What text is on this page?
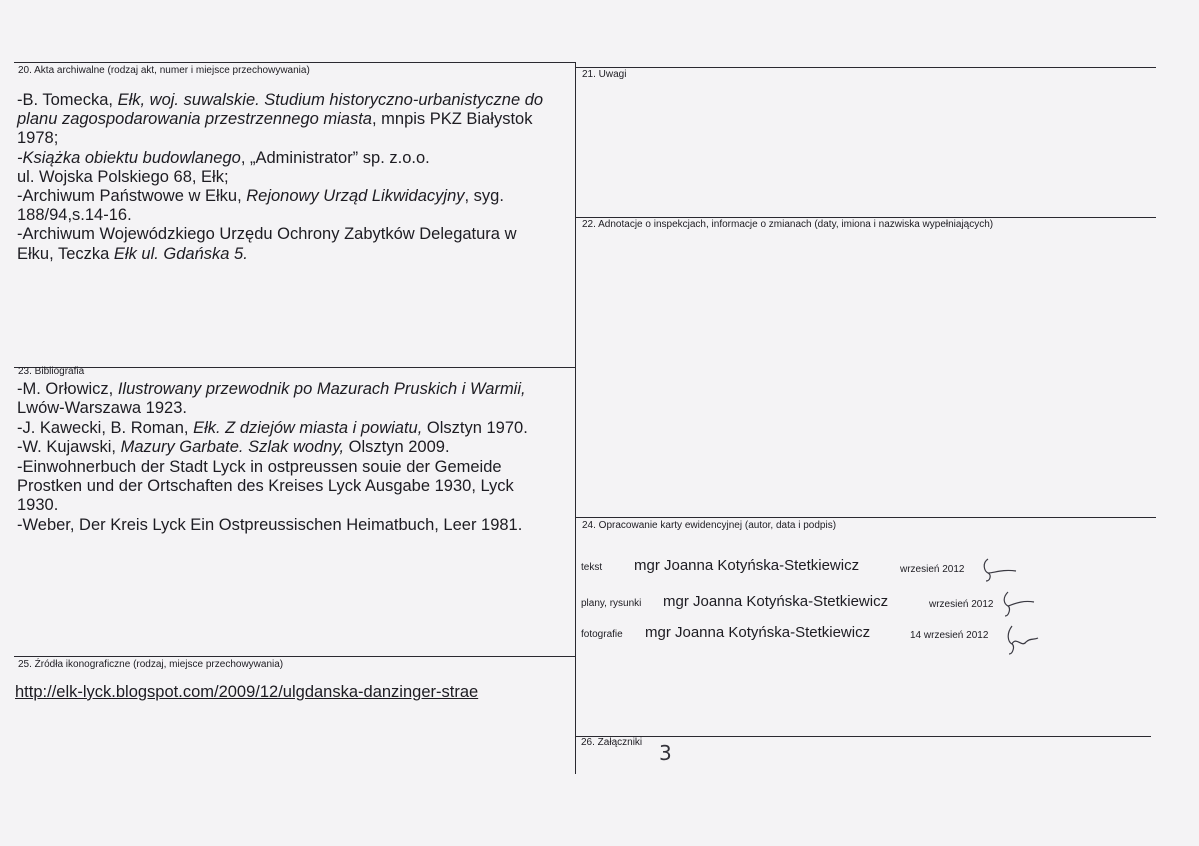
20. Akta archiwalne (rodzaj akt, numer i miejsce przechowywania)
-B. Tomecka, Ełk, woj. suwalskie. Studium historyczno-urbanistyczne do
planu zagospodarowania przestrzennego miasta, mnpis PKZ Białystok
1978;
-Książka obiektu budowlanego, „Administrator” sp. z.o.o.
ul. Wojska Polskiego 68, Ełk;
-Archiwum Państwowe w Ełku, Rejonowy Urząd Likwidacyjny, syg.
188/94,s.14-16.
-Archiwum Wojewódzkiego Urzędu Ochrony Zabytków Delegatura w
Ełku, Teczka Ełk ul. Gdańska 5.
21. Uwagi
22. Adnotacje o inspekcjach, informacje o zmianach (daty, imiona i nazwiska wypełniających)
23. Bibliografia
-M. Orłowicz, Ilustrowany przewodnik po Mazurach Pruskich i Warmii,
Lwów-Warszawa 1923.
-J. Kawecki, B. Roman, Ełk. Z dziejów miasta i powiatu, Olsztyn 1970.
-W. Kujawski, Mazury Garbate. Szlak wodny, Olsztyn 2009.
-Einwohnerbuch der Stadt Lyck in ostpreussen souie der Gemeide
Prostken und der Ortschaften des Kreises Lyck Ausgabe 1930, Lyck
1930.
-Weber, Der Kreis Lyck Ein Ostpreussischen Heimatbuch, Leer 1981.	24. Opracowanie karty ewidencyjnej (autor, data i podpis)
tekst mgr Joanna Kotyńska-Stetkiewicz	wrzesień 2012
plany, rysunki mgr Joanna Kotyńska-Stetkiewicz	wrzesień 2012
fotografie mgr Joanna Kotyńska-Stetkiewicz	14 wrzesień 2012
25. Źródła ikonograficzne (rodzaj, miejsce przechowywania)
http://elk-lyck.blogspot.com/2009/12/ulgdanska-danzinger-strae
26. Załączniki 3
